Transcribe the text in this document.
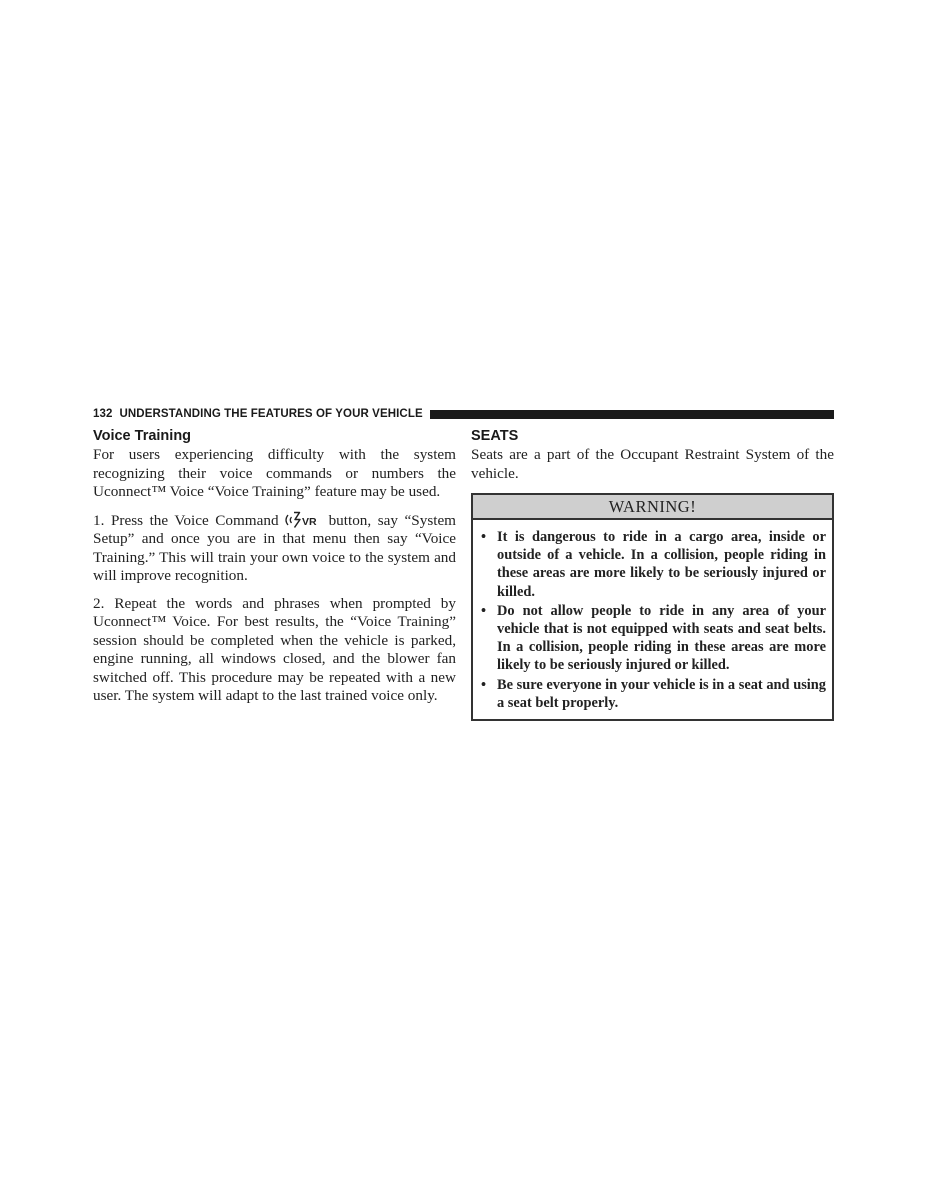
132 UNDERSTANDING THE FEATURES OF YOUR VEHICLE
Voice Training

For users experiencing difficulty with the system recognizing their voice commands or numbers the Uconnect™ Voice “Voice Training” feature may be used.

1. Press the Voice Command VR button, say “System Setup” and once you are in that menu then say “Voice Training.” This will train your own voice to the system and will improve recognition.

2. Repeat the words and phrases when prompted by Uconnect™ Voice. For best results, the “Voice Training” session should be completed when the vehicle is parked, engine running, all windows closed, and the blower fan switched off. This procedure may be repeated with a new user. The system will adapt to the last trained voice only.

SEATS

Seats are a part of the Occupant Restraint System of the vehicle.

WARNING!
• It is dangerous to ride in a cargo area, inside or outside of a vehicle. In a collision, people riding in these areas are more likely to be seriously injured or killed.
• Do not allow people to ride in any area of your vehicle that is not equipped with seats and seat belts. In a collision, people riding in these areas are more likely to be seriously injured or killed.
• Be sure everyone in your vehicle is in a seat and using a seat belt properly.
